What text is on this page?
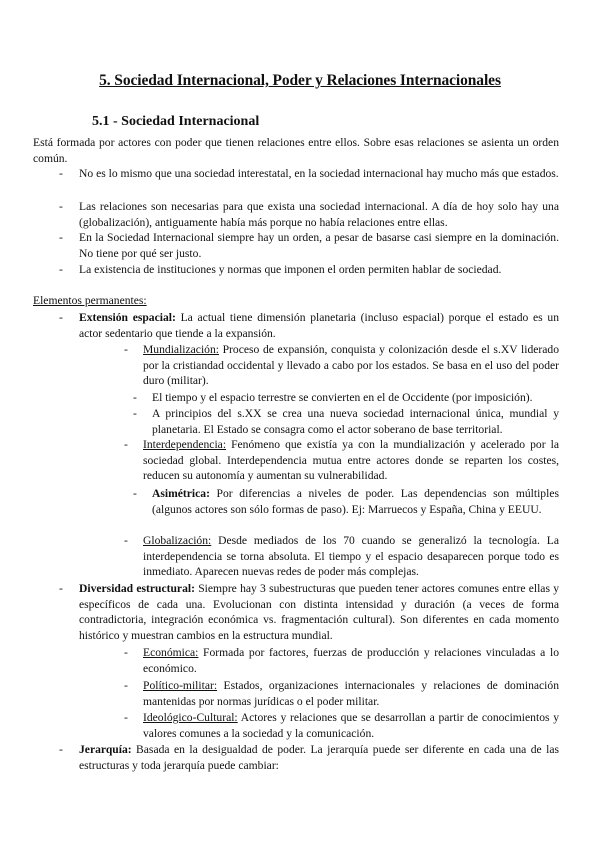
5. Sociedad Internacional, Poder y Relaciones Internacionales
5.1 - Sociedad Internacional
Está formada por actores con poder que tienen relaciones entre ellos. Sobre esas relaciones se asienta un orden común.
- No es lo mismo que una sociedad interestatal, en la sociedad internacional hay mucho más que estados.
- Las relaciones son necesarias para que exista una sociedad internacional. A día de hoy solo hay una (globalización), antiguamente había más porque no había relaciones entre ellas.
- En la Sociedad Internacional siempre hay un orden, a pesar de basarse casi siempre en la dominación. No tiene por qué ser justo.
- La existencia de instituciones y normas que imponen el orden permiten hablar de sociedad.
Elementos permanentes:
- Extensión espacial: La actual tiene dimensión planetaria (incluso espacial) porque el estado es un actor sedentario que tiende a la expansión.
- Mundialización: Proceso de expansión, conquista y colonización desde el s.XV liderado por la cristiandad occidental y llevado a cabo por los estados. Se basa en el uso del poder duro (militar).
- El tiempo y el espacio terrestre se convierten en el de Occidente (por imposición).
- A principios del s.XX se crea una nueva sociedad internacional única, mundial y planetaria. El Estado se consagra como el actor soberano de base territorial.
- Interdependencia: Fenómeno que existía ya con la mundialización y acelerado por la sociedad global. Interdependencia mutua entre actores donde se reparten los costes, reducen su autonomía y aumentan su vulnerabilidad.
- Asimétrica: Por diferencias a niveles de poder. Las dependencias son múltiples (algunos actores son sólo formas de paso). Ej: Marruecos y España, China y EEUU.
- Globalización: Desde mediados de los 70 cuando se generalizó la tecnología. La interdependencia se torna absoluta. El tiempo y el espacio desaparecen porque todo es inmediato. Aparecen nuevas redes de poder más complejas.
- Diversidad estructural: Siempre hay 3 subestructuras que pueden tener actores comunes entre ellas y específicos de cada una. Evolucionan con distinta intensidad y duración (a veces de forma contradictoria, integración económica vs. fragmentación cultural). Son diferentes en cada momento histórico y muestran cambios en la estructura mundial.
- Económica: Formada por factores, fuerzas de producción y relaciones vinculadas a lo económico.
- Político-militar: Estados, organizaciones internacionales y relaciones de dominación mantenidas por normas jurídicas o el poder militar.
- Ideológico-Cultural: Actores y relaciones que se desarrollan a partir de conocimientos y valores comunes a la sociedad y la comunicación.
- Jerarquía: Basada en la desigualdad de poder. La jerarquía puede ser diferente en cada una de las estructuras y toda jerarquía puede cambiar:
